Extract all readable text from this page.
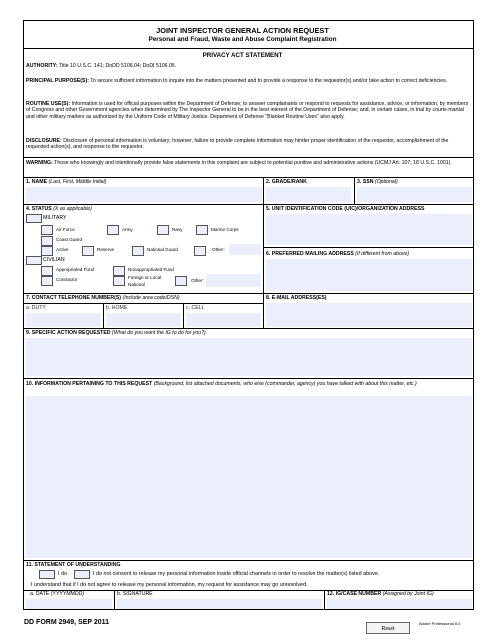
JOINT INSPECTOR GENERAL ACTION REQUEST
Personal and Fraud, Waste and Abuse Complaint Registration
PRIVACY ACT STATEMENT
AUTHORITY: Title 10 U.S.C. 141; DoDD 5106.04; DoDI 5106.05.
PRINCIPAL PURPOSE(S): To secure sufficient information to inquire into the matters presented and to provide a response to the requestor(s) and/or take action to correct deficiencies.
ROUTINE USE(S): Information is used for official purposes within the Department of Defense; to answer complainants or respond to requests for assistance, advice, or information; by members of Congress and other Government agencies when determined by The Inspector General to be in the best interest of the Department of Defense; and, in certain cases, in trial by courts-martial and other military matters as authorized by the Uniform Code of Military Justice. Department of Defense "Blanket Routine Uses" also apply.
DISCLOSURE: Disclosure of personal information is voluntary; however, failure to provide complete information may hinder proper identification of the requestor, accomplishment of the requested action(s), and response to the requestor.
WARNING: Those who knowingly and intentionally provide false statements in this complaint are subject to potential punitive and administrative actions (UCMJ Art. 107; 18 U.S.C. 1001).
1. NAME (Last, First, Middle Initial)	2. GRADE/RANK	3. SSN (Optional)
4. STATUS (X as applicable)
MILITARY
Air Force	Army	Navy	Marine Corps
Coast Guard
Active	Reserve	National Guard	Other:
CIVILIAN
Appropriated Fund	Nonappropriated Fund
Contractor	Foreign or Local
National
Other:
5. UNIT IDENTIFICATION CODE (UIC)/ORGANIZATION ADDRESS
6. PREFERRED MAILING ADDRESS (If different from above)
7. CONTACT TELEPHONE NUMBER(S) (Include area code/DSN)
a. DUTY	b. HOME	c. CELL
8. E-MAIL ADDRESS(ES)
9. SPECIFIC ACTION REQUESTED (What do you want the IG to do for you?)
10. INFORMATION PERTAINING TO THIS REQUEST (Background, list attached documents, who else (commander, agency) you have talked with about this matter, etc.)
11. STATEMENT OF UNDERSTANDING
I do	I do not consent to release my personal information inside official channels in order to resolve the matter(s) listed above.
I understand that if I do not agree to release my personal information, my request for assistance may go unresolved.
a. DATE (YYYYMMDD)	b. SIGNATURE	12. IG/CASE NUMBER (Assigned by Joint IG)
DD FORM 2949, SEP 2011
Reset
Adobe Professional 8.0
